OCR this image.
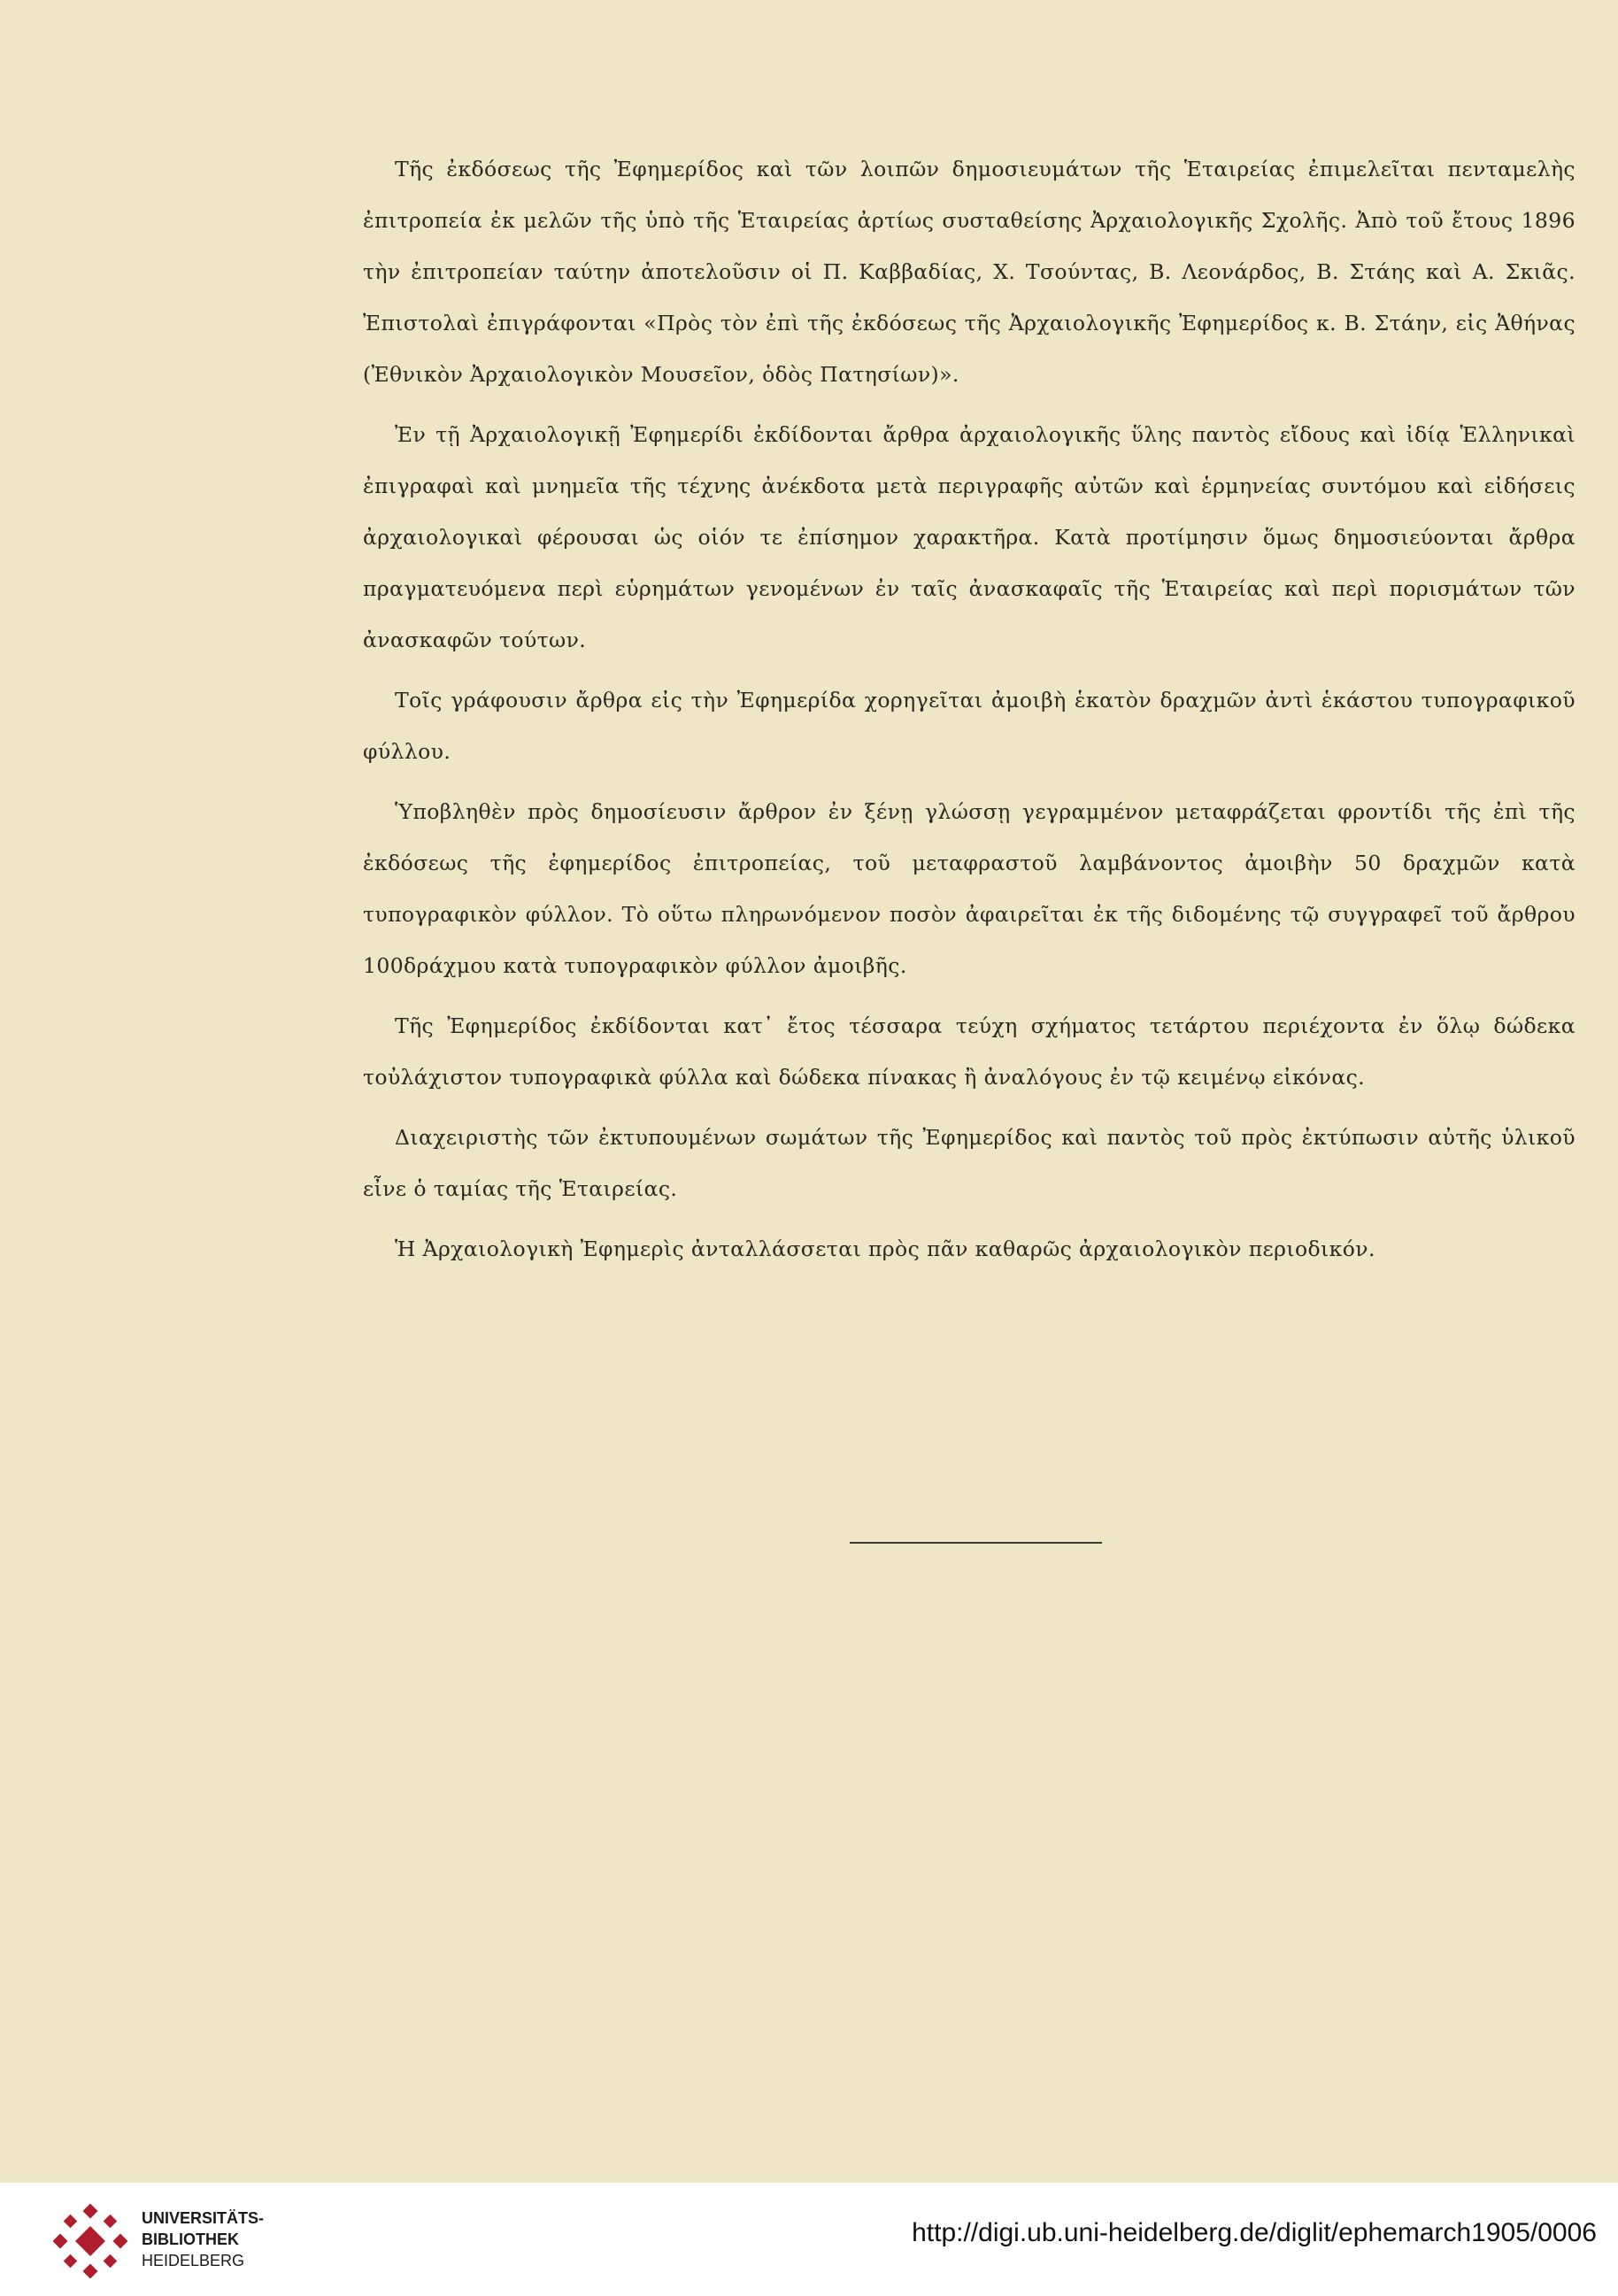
Τῆς ἐκδόσεως τῆς Ἐφημερίδος καὶ τῶν λοιπῶν δημοσιευμάτων τῆς Ἑταιρείας ἐπιμελεῖται πενταμελὴς ἐπιτροπεία ἐκ μελῶν τῆς ὑπὸ τῆς Ἑταιρείας ἀρτίως συσταθείσης Ἀρχαιολογικῆς Σχολῆς. Ἀπὸ τοῦ ἔτους 1896 τὴν ἐπιτροπείαν ταύτην ἀποτελοῦσιν οἱ Π. Καββαδίας, Χ. Τσούντας, Β. Λεονάρδος, Β. Στάης καὶ Α. Σκιᾶς. Ἐπιστολαὶ ἐπιγράφονται «Πρὸς τὸν ἐπὶ τῆς ἐκδόσεως τῆς Ἀρχαιολογικῆς Ἐφημερίδος κ. Β. Στάην, εἰς Ἀθήνας (Ἐθνικὸν Ἀρχαιολογικὸν Μουσεῖον, ὁδὸς Πατησίων)».

Ἐν τῇ Ἀρχαιολογικῇ Ἐφημερίδι ἐκδίδονται ἄρθρα ἀρχαιολογικῆς ὕλης παντὸς εἴδους καὶ ἰδίᾳ Ἑλληνικαὶ ἐπιγραφαὶ καὶ μνημεῖα τῆς τέχνης ἀνέκδοτα μετὰ περιγραφῆς αὐτῶν καὶ ἑρμηνείας συντόμου καὶ εἰδήσεις ἀρχαιολογικαὶ φέρουσαι ὡς οἱόν τε ἐπίσημον χαρακτῆρα. Κατὰ προτίμησιν ὅμως δημοσιεύονται ἄρθρα πραγματευόμενα περὶ εὑρημάτων γενομένων ἐν ταῖς ἀνασκαφαῖς τῆς Ἑταιρείας καὶ περὶ πορισμάτων τῶν ἀνασκαφῶν τούτων.

Τοῖς γράφουσιν ἄρθρα εἰς τὴν Ἐφημερίδα χορηγεῖται ἀμοιβὴ ἑκατὸν δραχμῶν ἀντὶ ἑκάστου τυπογραφικοῦ φύλλου.

Ὑποβληθὲν πρὸς δημοσίευσιν ἄρθρον ἐν ξένῃ γλώσσῃ γεγραμμένον μεταφράζεται φροντίδι τῆς ἐπὶ τῆς ἐκδόσεως τῆς ἐφημερίδος ἐπιτροπείας, τοῦ μεταφραστοῦ λαμβάνοντος ἀμοιβὴν 50 δραχμῶν κατὰ τυπογραφικὸν φύλλον. Τὸ οὕτω πληρωνόμενον ποσὸν ἀφαιρεῖται ἐκ τῆς διδομένης τῷ συγγραφεῖ τοῦ ἄρθρου 100δράχμου κατὰ τυπογραφικὸν φύλλον ἀμοιβῆς.

Τῆς Ἐφημερίδος ἐκδίδονται κατ᾽ ἔτος τέσσαρα τεύχη σχήματος τετάρτου περιέχοντα ἐν ὅλῳ δώδεκα τοὐλάχιστον τυπογραφικὰ φύλλα καὶ δώδεκα πίνακας ἢ ἀναλόγους ἐν τῷ κειμένῳ εἰκόνας.

Διαχειριστὴς τῶν ἐκτυπουμένων σωμάτων τῆς Ἐφημερίδος καὶ παντὸς τοῦ πρὸς ἐκτύπωσιν αὐτῆς ὑλικοῦ εἶνε ὁ ταμίας τῆς Ἑταιρείας.

Ἡ Ἀρχαιολογικὴ Ἐφημερὶς ἀνταλλάσσεται πρὸς πᾶν καθαρῶς ἀρχαιολογικὸν περιοδικόν.

UNIVERSITÄTS-
BIBLIOTHEK
HEIDELBERG
http://digi.ub.uni-heidelberg.de/diglit/ephemarch1905/0006
